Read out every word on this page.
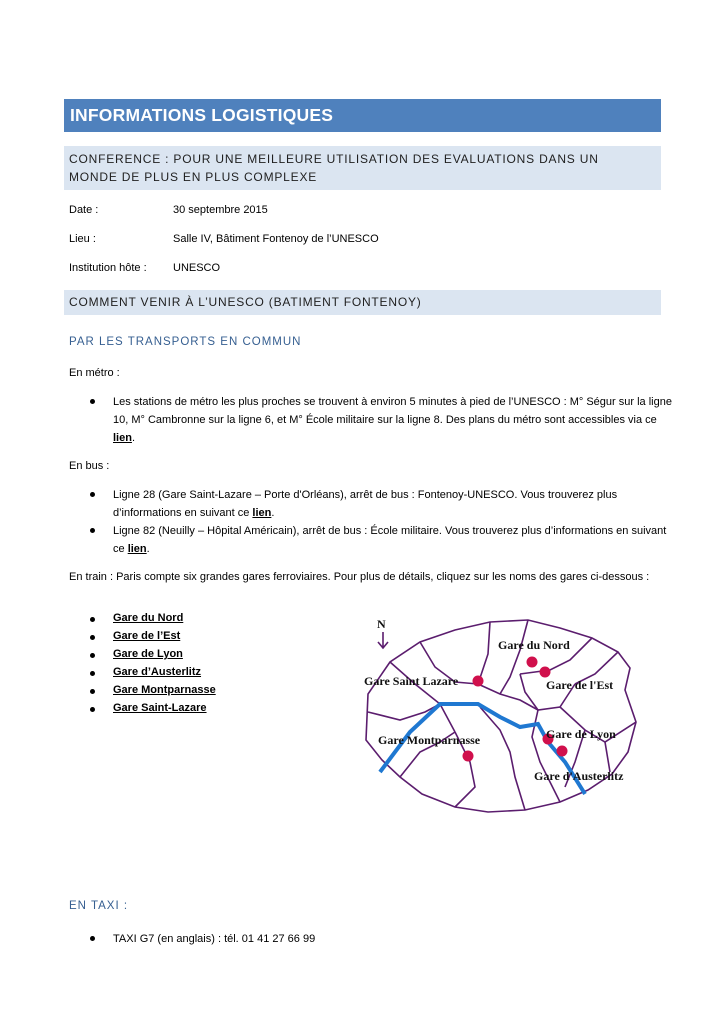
INFORMATIONS LOGISTIQUES
CONFERENCE : POUR UNE MEILLEURE UTILISATION DES EVALUATIONS DANS UN MONDE DE PLUS EN PLUS COMPLEXE
Date :	30 septembre 2015
Lieu :	Salle IV, Bâtiment Fontenoy de l’UNESCO
Institution hôte : UNESCO
COMMENT VENIR À L’UNESCO (BATIMENT FONTENOY)
PAR LES TRANSPORTS EN COMMUN
En métro :
Les stations de métro les plus proches se trouvent à environ 5 minutes à pied de l’UNESCO : M° Ségur sur la ligne 10, M° Cambronne sur la ligne 6, et M° École militaire sur la ligne 8. Des plans du métro sont accessibles via ce lien.
En bus :
Ligne 28 (Gare Saint-Lazare – Porte d'Orléans), arrêt de bus : Fontenoy-UNESCO. Vous trouverez plus d’informations en suivant ce lien.
Ligne 82 (Neuilly – Hôpital Américain), arrêt de bus : École militaire. Vous trouverez plus d’informations en suivant ce lien.
En train : Paris compte six grandes gares ferroviaires. Pour plus de détails, cliquez sur les noms des gares ci-dessous :
Gare du Nord
Gare de l’Est
Gare de Lyon
Gare d’Austerlitz
Gare Montparnasse
Gare Saint-Lazare
N
Gare du Nord
Gare de l'Est
Gare Saint Lazare
Gare Montparnasse	Gare de Lyon
Gare d'Austerlitz
EN TAXI :
TAXI G7 (en anglais) : tél. 01 41 27 66 99
